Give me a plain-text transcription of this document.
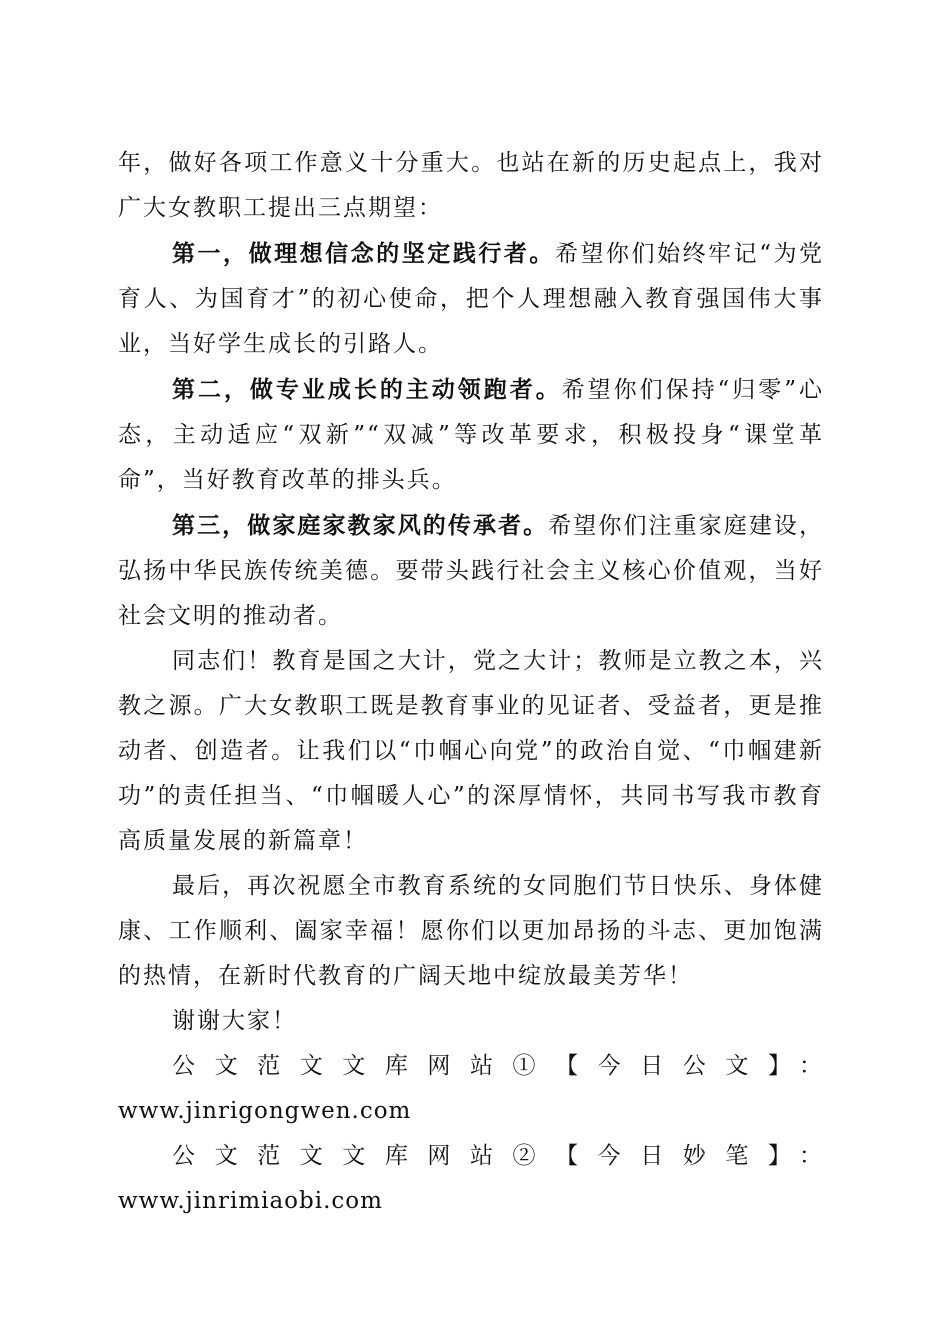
年，做好各项工作意义十分重大。也站在新的历史起点上，我对广大女教职工提出三点期望：

第一，做理想信念的坚定践行者。希望你们始终牢记“为党育人、为国育才”的初心使命，把个人理想融入教育强国伟大事业，当好学生成长的引路人。

第二，做专业成长的主动领跑者。希望你们保持“归零”心态，主动适应“双新”“双减”等改革要求，积极投身“课堂革命”，当好教育改革的排头兵。

第三，做家庭家教家风的传承者。希望你们注重家庭建设，弘扬中华民族传统美德。要带头践行社会主义核心价值观，当好社会文明的推动者。

同志们！教育是国之大计，党之大计；教师是立教之本，兴教之源。广大女教职工既是教育事业的见证者、受益者，更是推动者、创造者。让我们以“巾帼心向党”的政治自觉、“巾帼建新功”的责任担当、“巾帼暖人心”的深厚情怀，共同书写我市教育高质量发展的新篇章！

最后，再次祝愿全市教育系统的女同胞们节日快乐、身体健康、工作顺利、阖家幸福！愿你们以更加昂扬的斗志、更加饱满的热情，在新时代教育的广阔天地中绽放最美芳华！

谢谢大家！

公文范文文库网站①【今日公文】：

www.jinrigongwen.com

公文范文文库网站②【今日妙笔】：www.jinrimiaobi.com
